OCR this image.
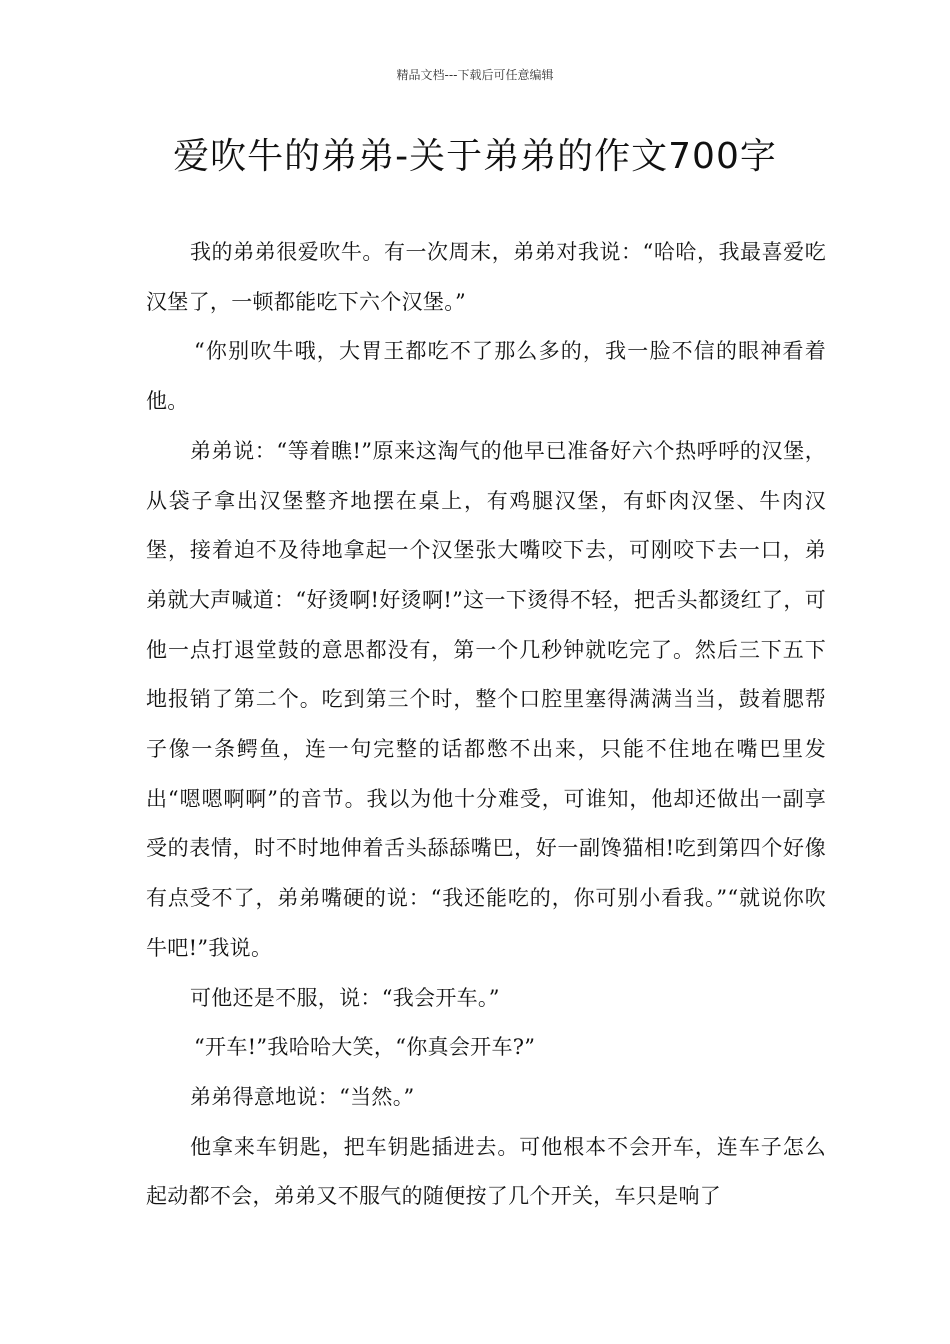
精品文档---下载后可任意编辑
爱吹牛的弟弟-关于弟弟的作文700字

我的弟弟很爱吹牛。有一次周末，弟弟对我说：“哈哈，我最喜爱吃汉堡了，一顿都能吃下六个汉堡。”

“你别吹牛哦，大胃王都吃不了那么多的，我一脸不信的眼神看着他。

弟弟说：“等着瞧!”原来这淘气的他早已准备好六个热呼呼的汉堡，从袋子拿出汉堡整齐地摆在桌上，有鸡腿汉堡，有虾肉汉堡、牛肉汉堡，接着迫不及待地拿起一个汉堡张大嘴咬下去，可刚咬下去一口，弟弟就大声喊道：“好烫啊!好烫啊!”这一下烫得不轻，把舌头都烫红了，可他一点打退堂鼓的意思都没有，第一个几秒钟就吃完了。然后三下五下地报销了第二个。吃到第三个时，整个口腔里塞得满满当当，鼓着腮帮子像一条鳄鱼，连一句完整的话都憋不出来，只能不住地在嘴巴里发出“嗯嗯啊啊”的音节。我以为他十分难受，可谁知，他却还做出一副享受的表情，时不时地伸着舌头舔舔嘴巴，好一副馋猫相!吃到第四个好像有点受不了，弟弟嘴硬的说：“我还能吃的，你可别小看我。”“就说你吹牛吧!”我说。

可他还是不服，说：“我会开车。”

“开车!”我哈哈大笑，“你真会开车?”

弟弟得意地说：“当然。”

他拿来车钥匙，把车钥匙插进去。可他根本不会开车，连车子怎么起动都不会，弟弟又不服气的随便按了几个开关，车只是响了
